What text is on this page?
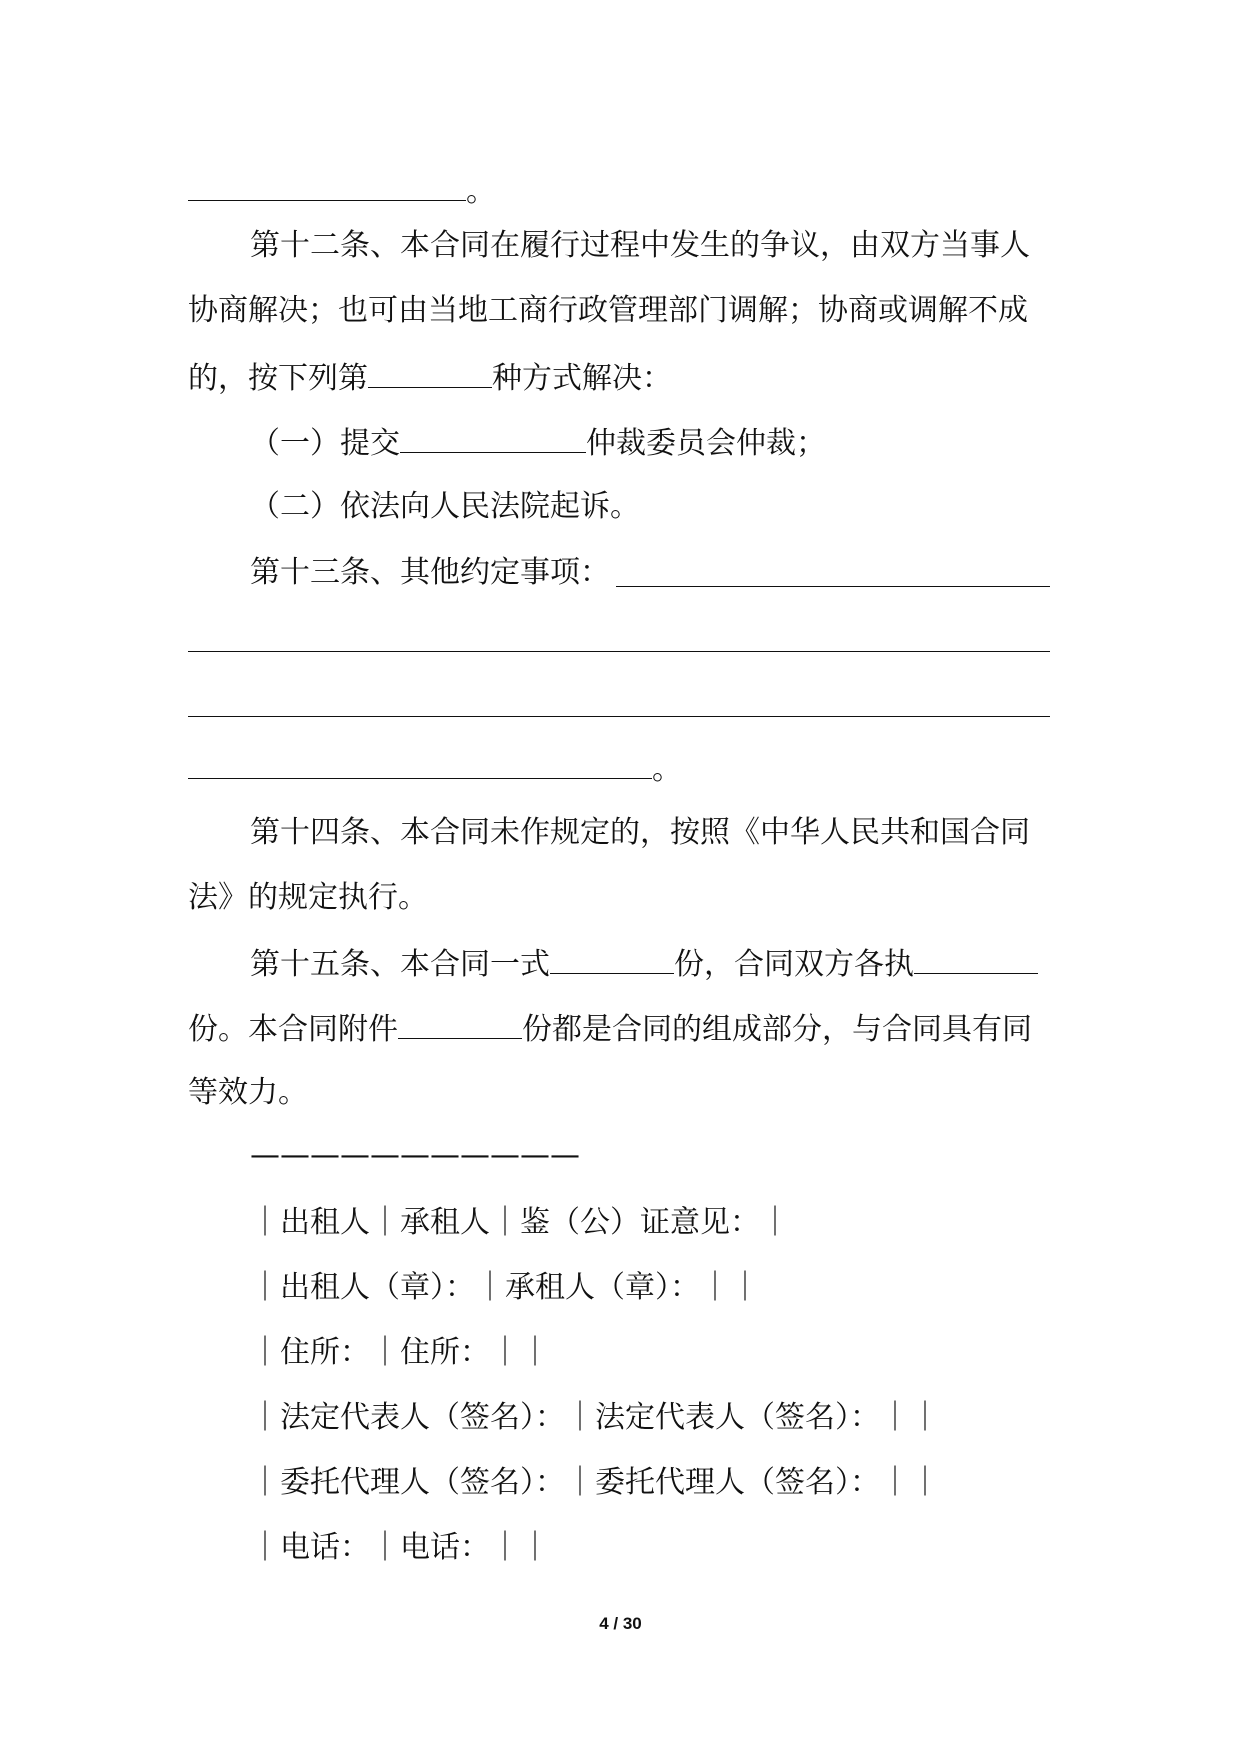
。
第十二条、本合同在履行过程中发生的争议，由双方当事人
协商解决；也可由当地工商行政管理部门调解；协商或调解不成
的，按下列第	种方式解决：
（一）提交	仲裁委员会仲裁；
（二）依法向人民法院起诉。
第十三条、其他约定事项：
。
第十四条、本合同未作规定的，按照《中华人民共和国合同
法》的规定执行。
第十五条、本合同一式	份，合同双方各执
份。本合同附件	份都是合同的组成部分，与合同具有同
等效力。
———————————
｜出租人｜承租人｜鉴（公）证意见：｜
｜出租人（章）：｜承租人（章）：｜｜
｜住所：｜住所：｜｜
｜法定代表人（签名）：｜法定代表人（签名）：｜｜
｜委托代理人（签名）：｜委托代理人（签名）：｜｜
｜电话：｜电话：｜｜
4 / 30
